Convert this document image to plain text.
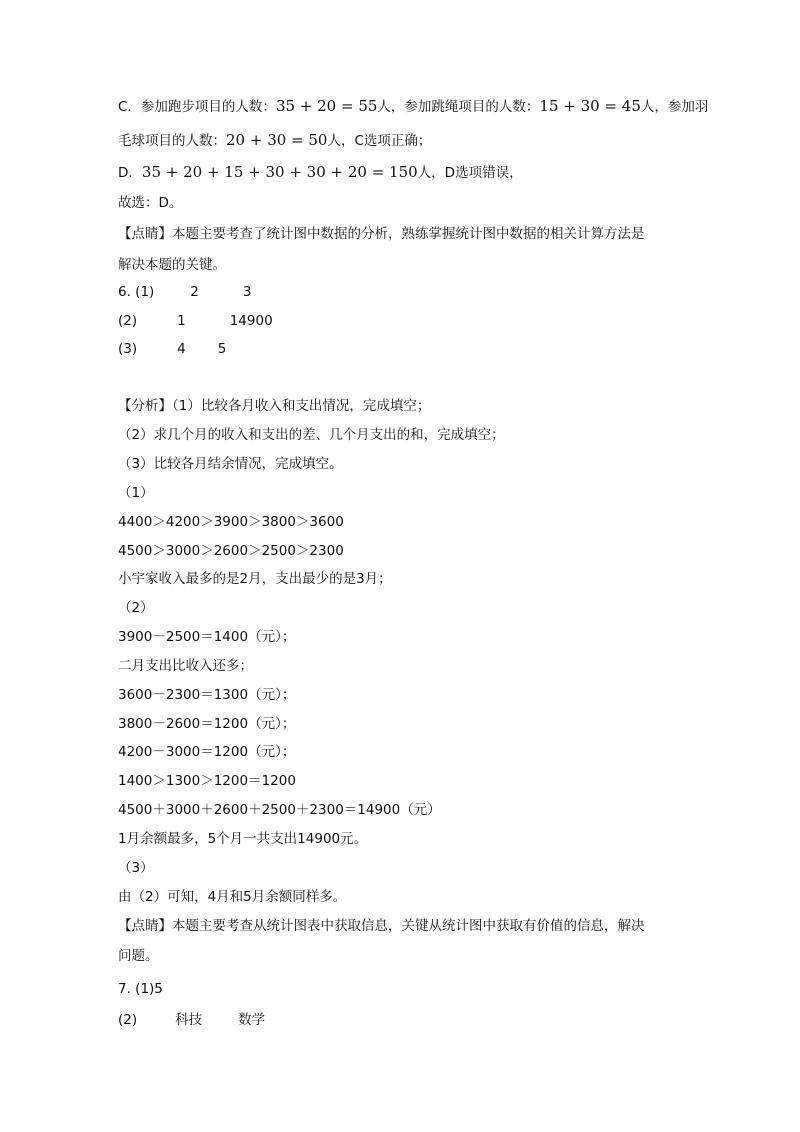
C．参加跑步项目的人数：35 + 20 = 55人，参加跳绳项目的人数：15 + 30 = 45人，参加羽
毛球项目的人数：20 + 30 = 50人，C选项正确；
D．35 + 20 + 15 + 30 + 30 + 20 = 150人，D选项错误，
故选：D。
【点睛】本题主要考查了统计图中数据的分析，熟练掌握统计图中数据的相关计算方法是
解决本题的关键。
6. (1)	2	3
(2)	1	14900
(3)	4 5
【分析】（1）比较各月收入和支出情况，完成填空；
（2）求几个月的收入和支出的差、几个月支出的和，完成填空；
（3）比较各月结余情况，完成填空。
（1）
4400＞4200＞3900＞3800＞3600
4500＞3000＞2600＞2500＞2300
小宇家收入最多的是2月，支出最少的是3月；
（2）
3900－2500＝1400（元）；
二月支出比收入还多；
3600－2300＝1300（元）；
3800－2600＝1200（元）；
4200－3000＝1200（元）；
1400＞1300＞1200＝1200
4500＋3000＋2600＋2500＋2300＝14900（元）
1月余额最多，5个月一共支出14900元。
（3）
由（2）可知，4月和5月余额同样多。
【点睛】本题主要考查从统计图表中获取信息，关键从统计图中获取有价值的信息，解决
问题。
7. (1)5
(2)	科技	数学
